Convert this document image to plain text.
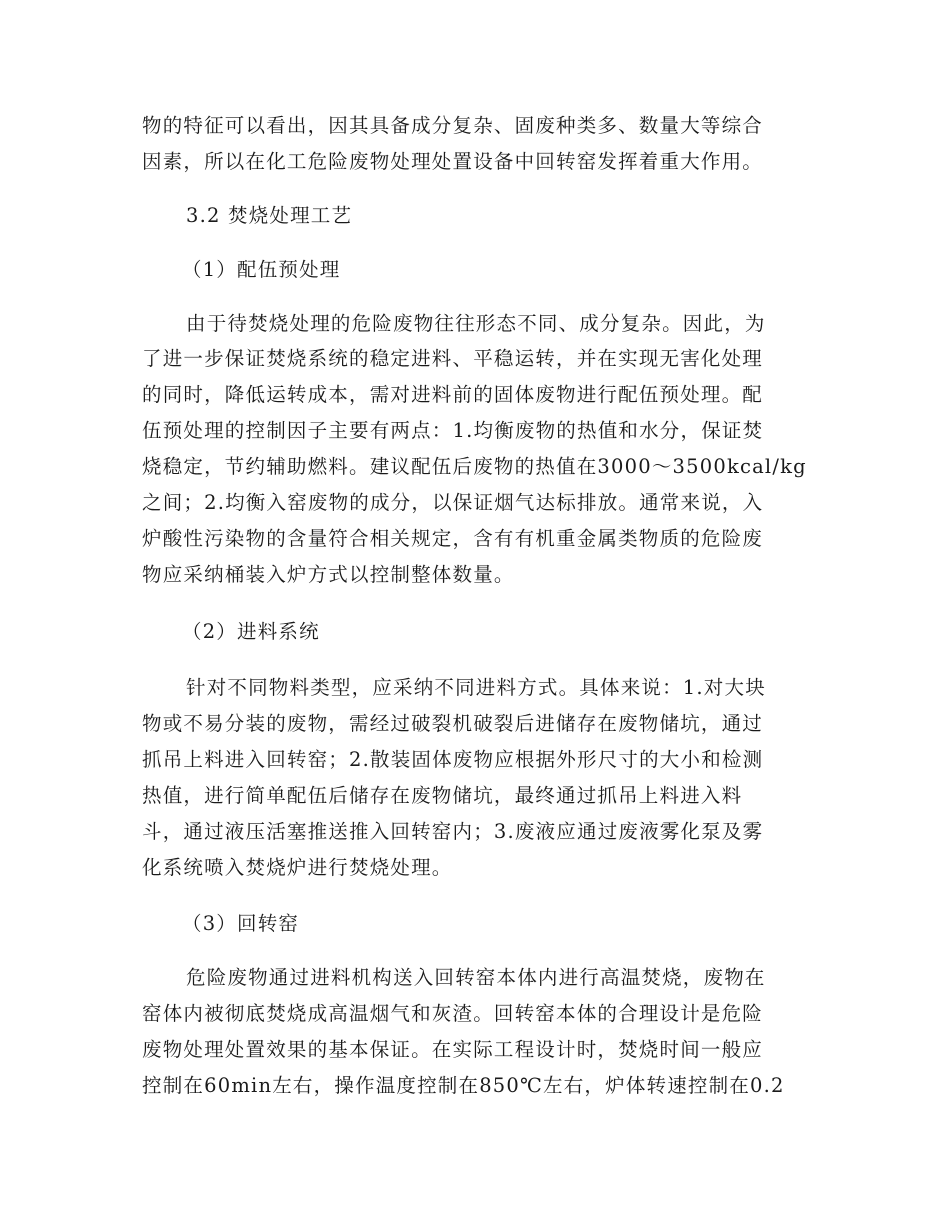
物的特征可以看出，因其具备成分复杂、固废种类多、数量大等综合
因素，所以在化工危险废物处理处置设备中回转窑发挥着重大作用。
3.2 焚烧处理工艺
（1）配伍预处理
由于待焚烧处理的危险废物往往形态不同、成分复杂。因此，为
了进一步保证焚烧系统的稳定进料、平稳运转，并在实现无害化处理
的同时，降低运转成本，需对进料前的固体废物进行配伍预处理。配
伍预处理的控制因子主要有两点：1.均衡废物的热值和水分，保证焚
烧稳定，节约辅助燃料。建议配伍后废物的热值在3000～3500kcal/kg
之间；2.均衡入窑废物的成分，以保证烟气达标排放。通常来说，入
炉酸性污染物的含量符合相关规定，含有有机重金属类物质的危险废
物应采纳桶装入炉方式以控制整体数量。
（2）进料系统
针对不同物料类型，应采纳不同进料方式。具体来说：1.对大块
物或不易分装的废物，需经过破裂机破裂后进储存在废物储坑，通过
抓吊上料进入回转窑；2.散装固体废物应根据外形尺寸的大小和检测
热值，进行简单配伍后储存在废物储坑，最终通过抓吊上料进入料
斗，通过液压活塞推送推入回转窑内；3.废液应通过废液雾化泵及雾
化系统喷入焚烧炉进行焚烧处理。
（3）回转窑
危险废物通过进料机构送入回转窑本体内进行高温焚烧，废物在
窑体内被彻底焚烧成高温烟气和灰渣。回转窑本体的合理设计是危险
废物处理处置效果的基本保证。在实际工程设计时，焚烧时间一般应
控制在60min左右，操作温度控制在850℃左右，炉体转速控制在0.2
